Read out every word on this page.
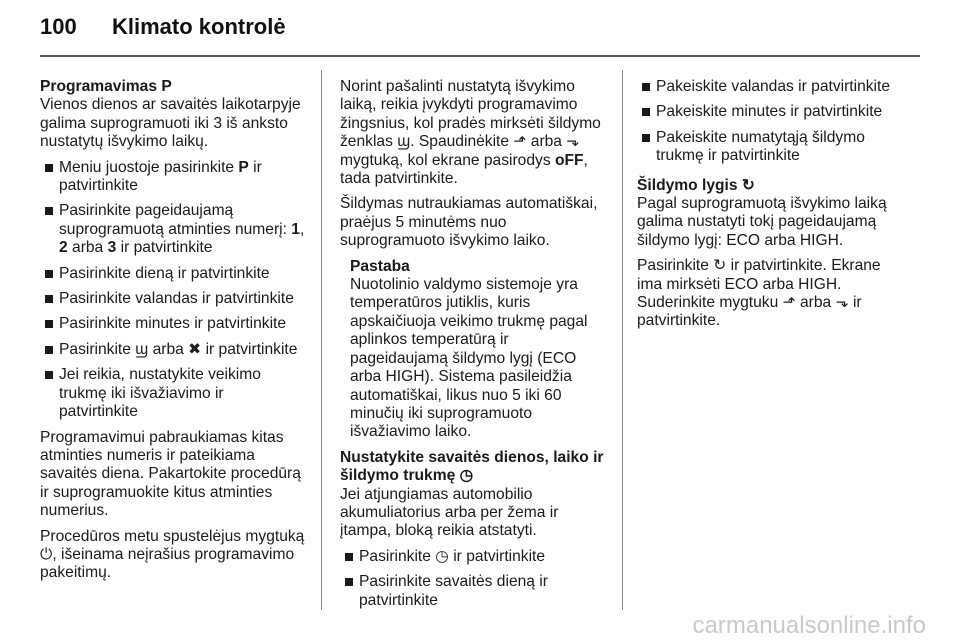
100	Klimato kontrolė

Programavimas P

Vienos dienos ar savaitės laikotarpyje galima suprogramuoti iki 3 iš anksto nustatytų išvykimo laikų.

Meniu juostoje pasirinkite P ir patvirtinkite

Pasirinkite pageidaujamą suprogramuotą atminties numerį: 1, 2 arba 3 ir patvirtinkite

Pasirinkite dieną ir patvirtinkite

Pasirinkite valandas ir patvirtinkite

Pasirinkite minutes ir patvirtinkite

Pasirinkite ϣ arba ✖ ir patvirtinkite

Jei reikia, nustatykite veikimo trukmę iki išvažiavimo ir patvirtinkite

Programavimui pabraukiamas kitas atminties numeris ir pateikiama savaitės diena. Pakartokite procedūrą ir suprogramuokite kitus atminties numerius.

Procedūros metu spustelėjus mygtuką ⏻, išeinama neįrašius programavimo pakeitimų.

Norint pašalinti nustatytą išvykimo laiką, reikia įvykdyti programavimo žingsnius, kol pradės mirksėti šildymo ženklas ϣ. Spaudinėkite ⬏ arba ⬎ mygtuką, kol ekrane pasirodys oFF, tada patvirtinkite.

Šildymas nutraukiamas automatiškai, praėjus 5 minutėms nuo suprogramuoto išvykimo laiko.

Pastaba
Nuotolinio valdymo sistemoje yra temperatūros jutiklis, kuris apskaičiuoja veikimo trukmę pagal aplinkos temperatūrą ir pageidaujamą šildymo lygį (ECO arba HIGH). Sistema pasileidžia automatiškai, likus nuo 5 iki 60 minučių iki suprogramuoto išvažiavimo laiko.

Nustatykite savaitės dienos, laiko ir šildymo trukmę ◷

Jei atjungiamas automobilio akumuliatorius arba per žema ir įtampa, bloką reikia atstatyti.

Pasirinkite ◷ ir patvirtinkite

Pasirinkite savaitės dieną ir patvirtinkite

Pakeiskite valandas ir patvirtinkite

Pakeiskite minutes ir patvirtinkite

Pakeiskite numatytąją šildymo trukmę ir patvirtinkite

Šildymo lygis ↻

Pagal suprogramuotą išvykimo laiką galima nustatyti tokį pageidaujamą šildymo lygį: ECO arba HIGH.

Pasirinkite ↻ ir patvirtinkite. Ekrane ima mirksėti ECO arba HIGH. Suderinkite mygtuku ⬏ arba ⬎ ir patvirtinkite.

carmanualsonline.info
